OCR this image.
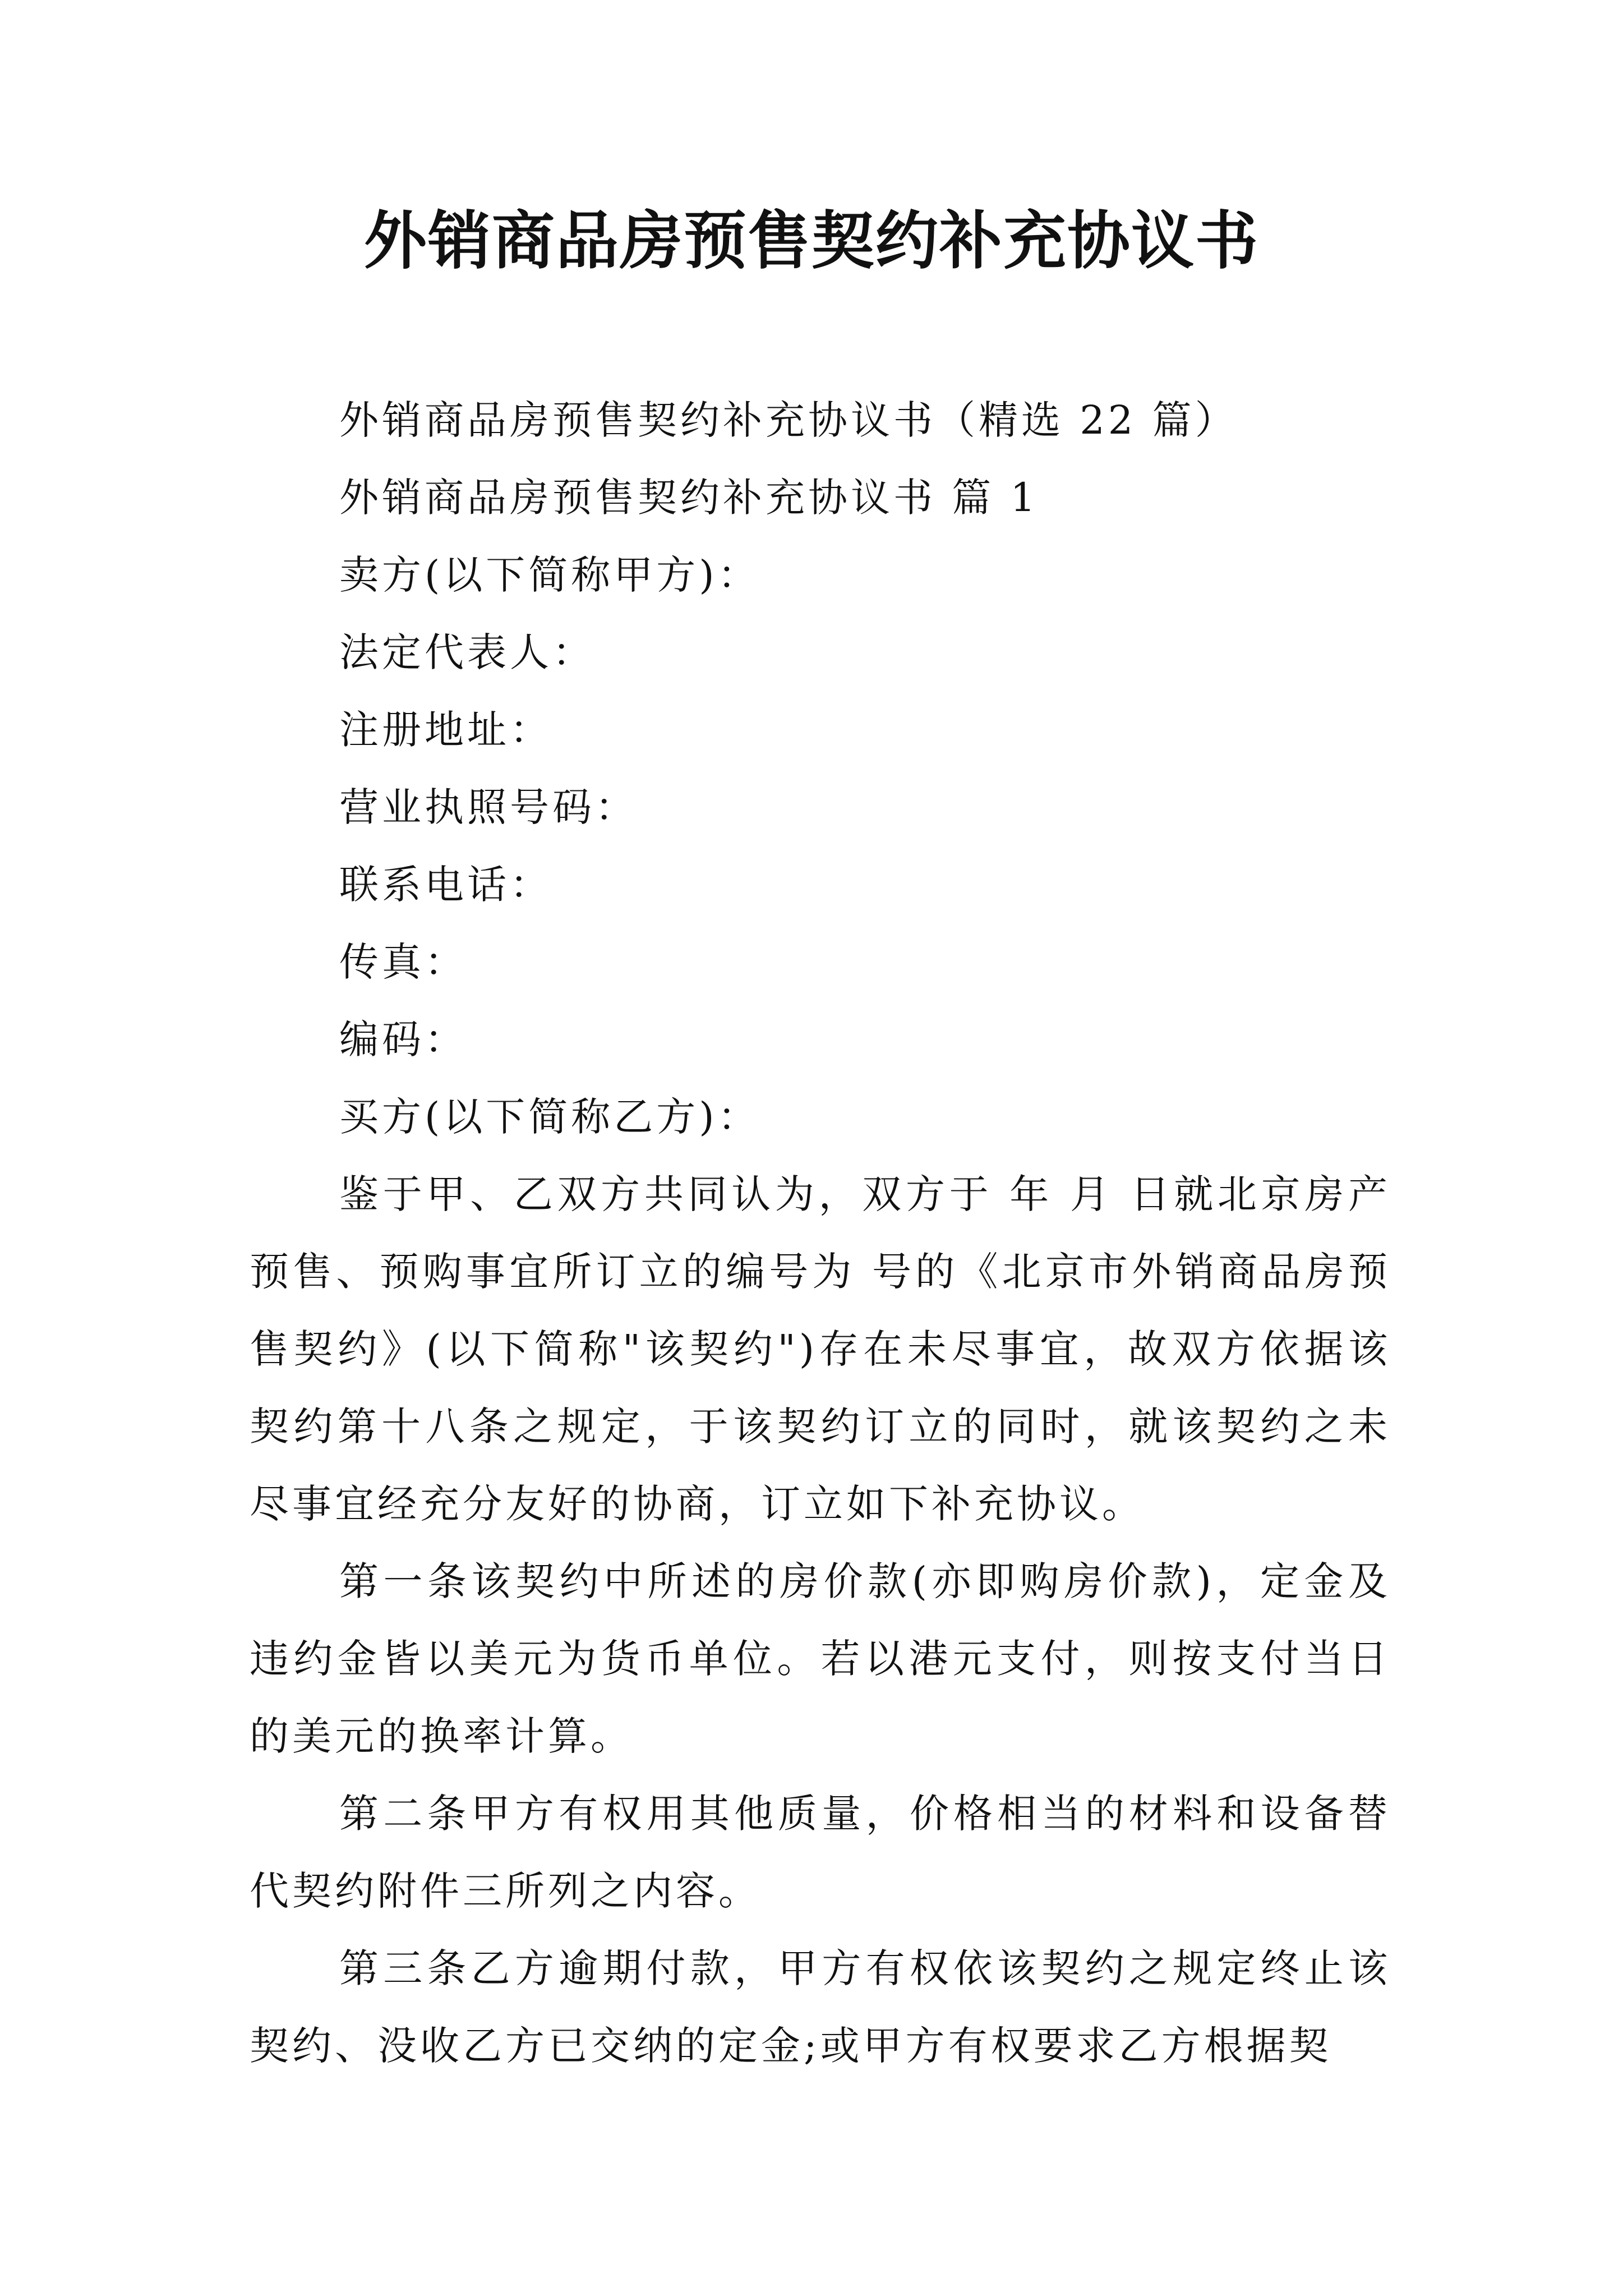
外销商品房预售契约补充协议书

外销商品房预售契约补充协议书（精选 22 篇）

外销商品房预售契约补充协议书 篇 1

卖方(以下简称甲方)：

法定代表人：

注册地址：

营业执照号码：

联系电话：

传真：

编码：

买方(以下简称乙方)：

鉴于甲、乙双方共同认为，双方于 年 月 日就北京房产预售、预购事宜所订立的编号为 号的《北京市外销商品房预售契约》(以下简称"该契约")存在未尽事宜，故双方依据该契约第十八条之规定，于该契约订立的同时，就该契约之未尽事宜经充分友好的协商，订立如下补充协议。

第一条该契约中所述的房价款(亦即购房价款)，定金及违约金皆以美元为货币单位。若以港元支付，则按支付当日的美元的换率计算。

第二条甲方有权用其他质量，价格相当的材料和设备替代契约附件三所列之内容。

第三条乙方逾期付款，甲方有权依该契约之规定终止该契约、没收乙方已交纳的定金;或甲方有权要求乙方根据契
